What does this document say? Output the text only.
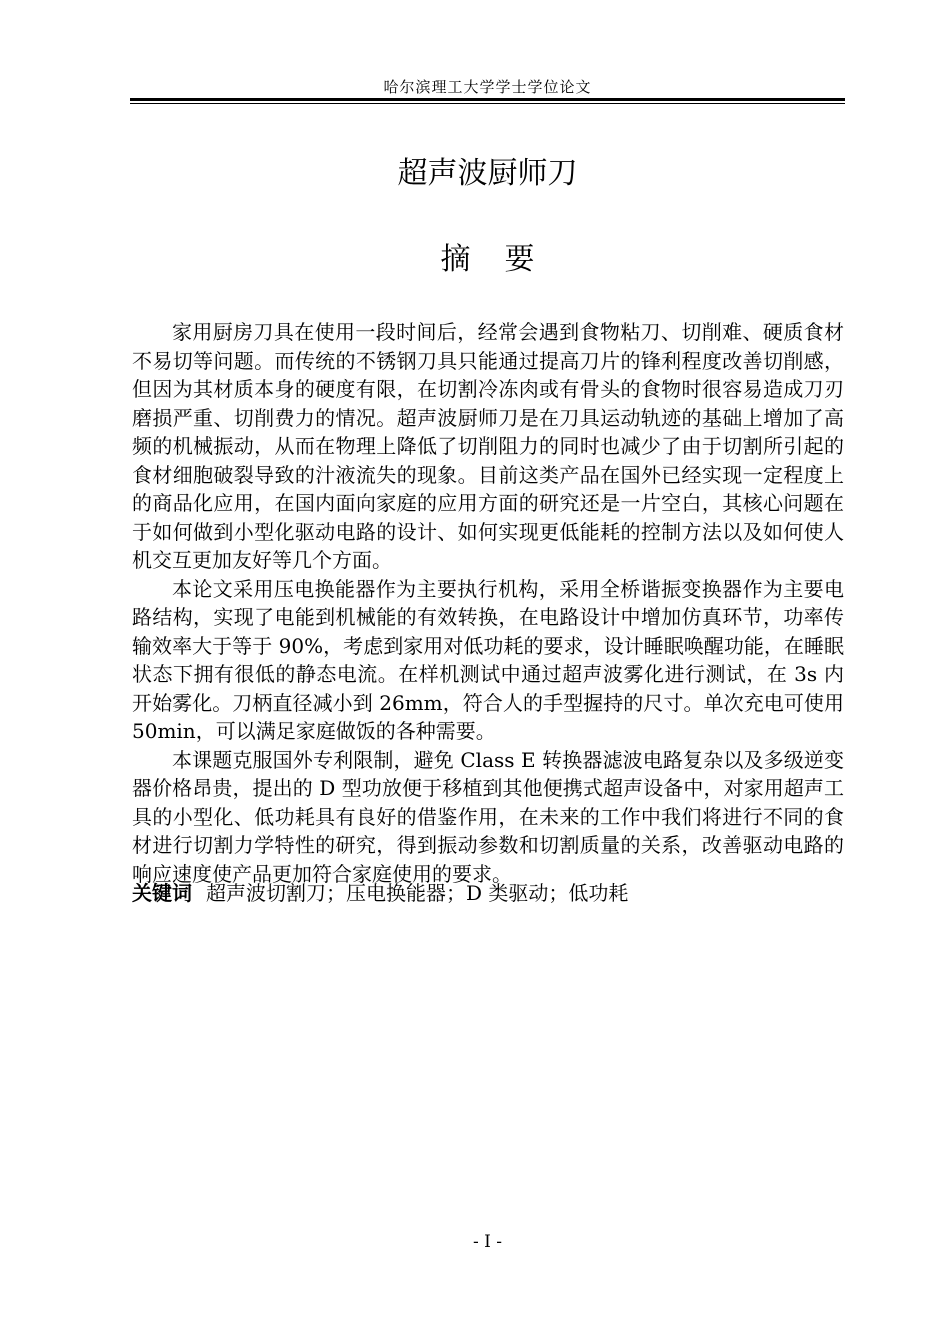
哈尔滨理工大学学士学位论文
超声波厨师刀
摘要

家用厨房刀具在使用一段时间后，经常会遇到食物粘刀、切削难、硬质食材不易切等问题。而传统的不锈钢刀具只能通过提高刀片的锋利程度改善切削感，但因为其材质本身的硬度有限，在切割冷冻肉或有骨头的食物时很容易造成刀刃磨损严重、切削费力的情况。超声波厨师刀是在刀具运动轨迹的基础上增加了高频的机械振动，从而在物理上降低了切削阻力的同时也减少了由于切割所引起的食材细胞破裂导致的汁液流失的现象。目前这类产品在国外已经实现一定程度上的商品化应用，在国内面向家庭的应用方面的研究还是一片空白，其核心问题在于如何做到小型化驱动电路的设计、如何实现更低能耗的控制方法以及如何使人机交互更加友好等几个方面。

本论文采用压电换能器作为主要执行机构，采用全桥谐振变换器作为主要电路结构，实现了电能到机械能的有效转换，在电路设计中增加仿真环节，功率传输效率大于等于 90%，考虑到家用对低功耗的要求，设计睡眠唤醒功能，在睡眠状态下拥有很低的静态电流。在样机测试中通过超声波雾化进行测试，在 3s 内开始雾化。刀柄直径减小到 26mm，符合人的手型握持的尺寸。单次充电可使用 50min，可以满足家庭做饭的各种需要。

本课题克服国外专利限制，避免 Class E 转换器滤波电路复杂以及多级逆变器价格昂贵，提出的 D 型功放便于移植到其他便携式超声设备中，对家用超声工具的小型化、低功耗具有良好的借鉴作用，在未来的工作中我们将进行不同的食材进行切割力学特性的研究，得到振动参数和切割质量的关系，改善驱动电路的响应速度使产品更加符合家庭使用的要求。

关键词 超声波切割刀；压电换能器；D 类驱动；低功耗
- I -
